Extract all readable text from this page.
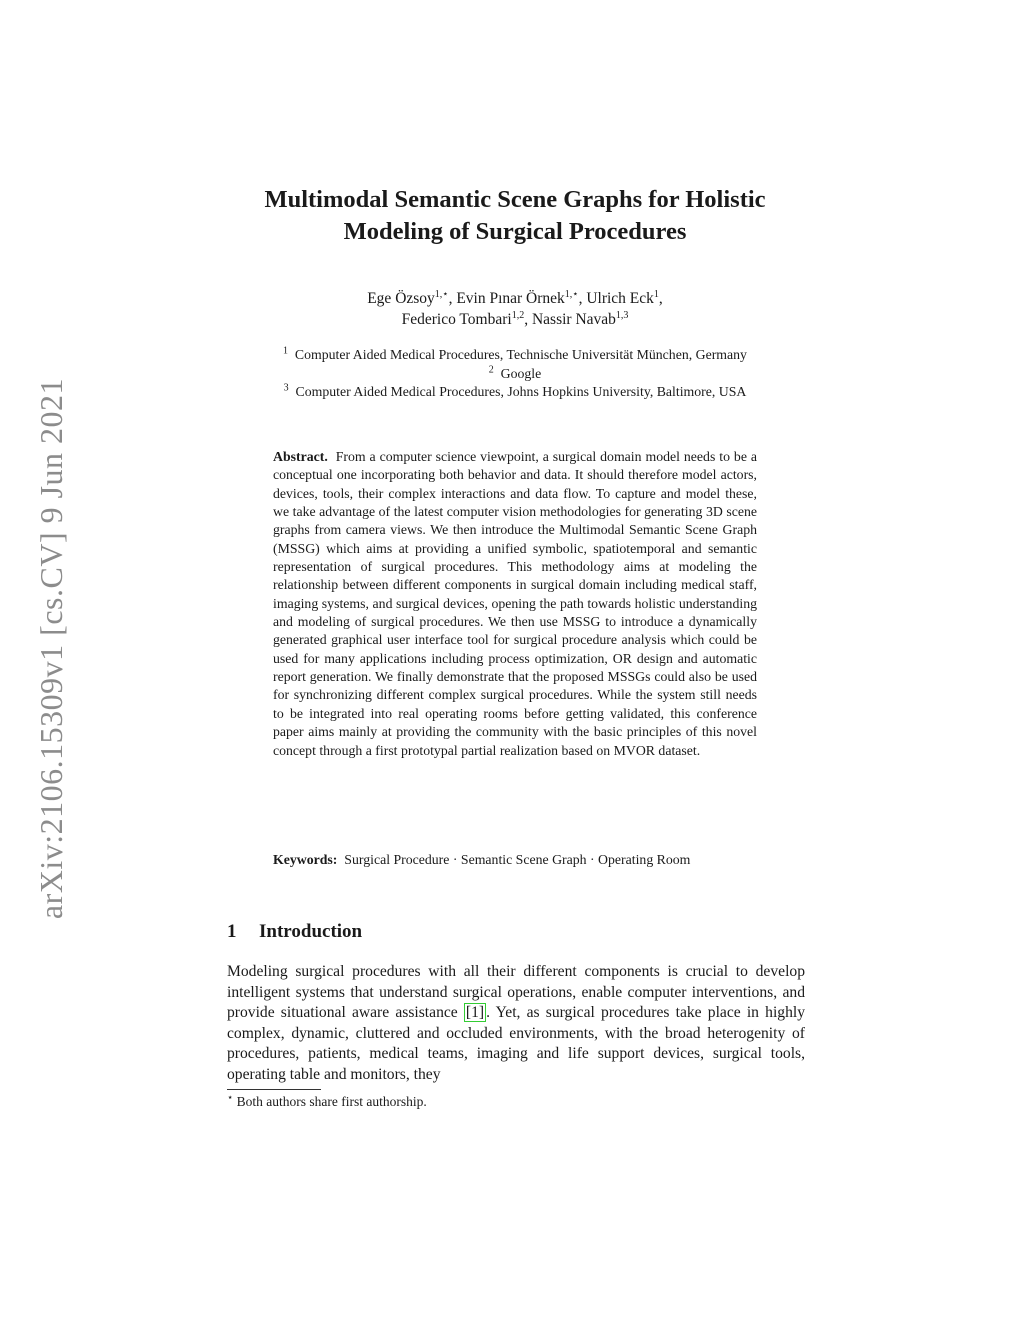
arXiv:2106.15309v1 [cs.CV] 9 Jun 2021
Multimodal Semantic Scene Graphs for Holistic
Modeling of Surgical Procedures
Ege Özsoy$^{1,⋆}$, Evin Pınar Örnek$^{1,⋆}$, Ulrich Eck$^1$,
Federico Tombari$^{1,2}$, Nassir Navab$^{1,3}$
$^1$ Computer Aided Medical Procedures, Technische Universität München, Germany
$^2$ Google
$^3$ Computer Aided Medical Procedures, Johns Hopkins University, Baltimore, USA
Abstract. From a computer science viewpoint, a surgical domain model needs to be a conceptual one incorporating both behavior and data. It should therefore model actors, devices, tools, their complex interactions and data flow. To capture and model these, we take advantage of the latest computer vision methodologies for generating 3D scene graphs from camera views. We then introduce the Multimodal Semantic Scene Graph (MSSG) which aims at providing a unified symbolic, spatiotemporal and semantic representation of surgical procedures. This methodology aims at modeling the relationship between different components in surgical domain including medical staff, imaging systems, and surgical devices, opening the path towards holistic understanding and modeling of surgical procedures. We then use MSSG to introduce a dynamically generated graphical user interface tool for surgical procedure analysis which could be used for many applications including process optimization, OR design and automatic report generation. We finally demonstrate that the proposed MSSGs could also be used for synchronizing different complex surgical procedures. While the system still needs to be integrated into real operating rooms before getting validated, this conference paper aims mainly at providing the community with the basic principles of this novel concept through a first prototypal partial realization based on MVOR dataset.
Keywords: Surgical Procedure · Semantic Scene Graph · Operating Room
1 Introduction
Modeling surgical procedures with all their different components is crucial to develop intelligent systems that understand surgical operations, enable computer interventions, and provide situational aware assistance [1] . Yet, as surgical procedures take place in highly complex, dynamic, cluttered and occluded environments, with the broad heterogenity of procedures, patients, medical teams, imaging and life support devices, surgical tools, operating table and monitors, they
⋆ Both authors share first authorship.
